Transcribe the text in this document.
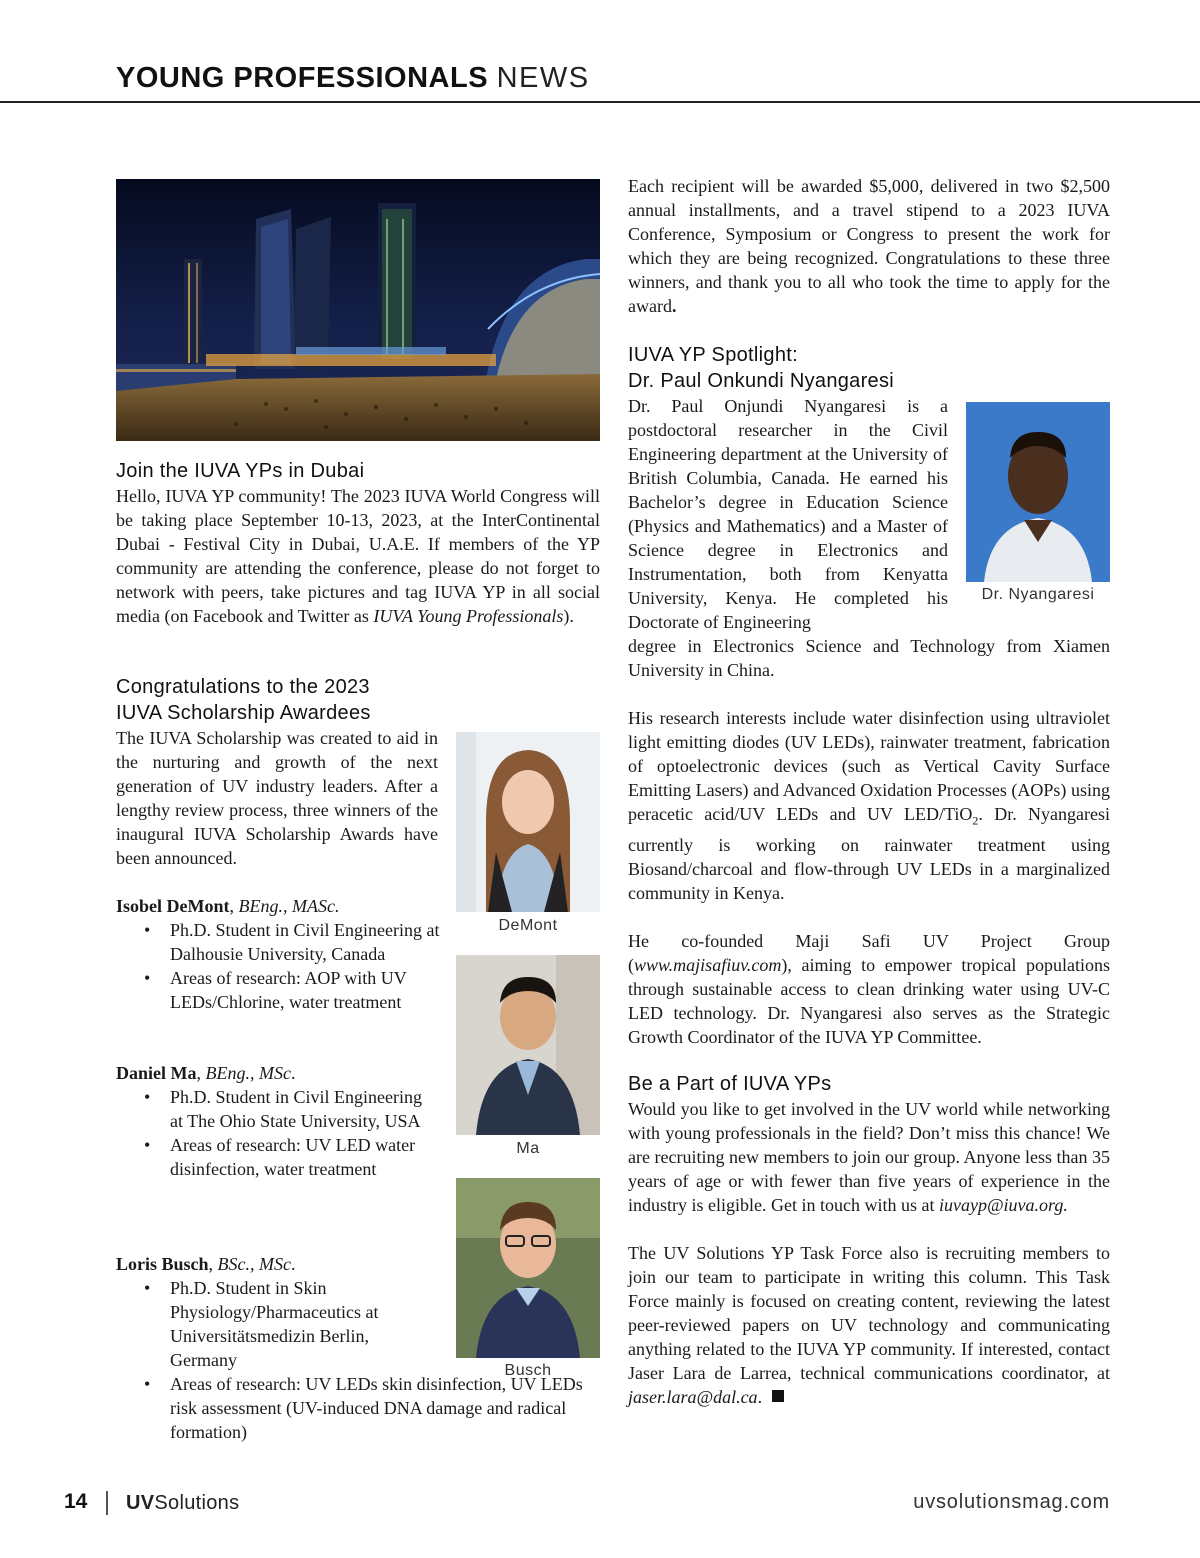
YOUNG PROFESSIONALS NEWS
Join the IUVA YPs in Dubai

Hello, IUVA YP community! The 2023 IUVA World Congress will be taking place September 10-13, 2023, at the InterContinental Dubai - Festival City in Dubai, U.A.E. If members of the YP community are attending the conference, please do not forget to network with peers, take pictures and tag IUVA YP in all social media (on Facebook and Twitter as IUVA Young Professionals).

Congratulations to the 2023
IUVA Scholarship Awardees

The IUVA Scholarship was created to aid in the nurturing and growth of the next generation of UV industry leaders. After a lengthy review process, three winners of the inaugural IUVA Scholarship Awards have been announced.

DeMont
Ma
Busch

Isobel DeMont, BEng., MASc.

• Ph.D. Student in Civil Engineering at Dalhousie University, Canada
• Areas of research: AOP with UV LEDs/Chlorine, water treatment

Daniel Ma, BEng., MSc.

• Ph.D. Student in Civil Engineering at The Ohio State University, USA
• Areas of research: UV LED water disinfection, water treatment

Loris Busch, BSc., MSc.

• Ph.D. Student in Skin Physiology/Pharmaceutics at Universitätsmedizin Berlin, Germany
• Areas of research: UV LEDs skin disinfection, UV LEDs risk assessment (UV-induced DNA damage and radical formation)

Each recipient will be awarded $5,000, delivered in two $2,500 annual installments, and a travel stipend to a 2023 IUVA Conference, Symposium or Congress to present the work for which they are being recognized. Congratulations to these three winners, and thank you to all who took the time to apply for the award.

IUVA YP Spotlight:
Dr. Paul Onkundi Nyangaresi

Dr. Paul Onjundi Nyangaresi is a postdoctoral researcher in the Civil Engineering department at the University of British Columbia, Canada. He earned his Bachelor’s degree in Education Science (Physics and Mathematics) and a Master of Science degree in Electronics and Instrumentation, both from Kenyatta University, Kenya. He completed his Doctorate of Engineering

degree in Electronics Science and Technology from Xiamen University in China.

His research interests include water disinfection using ultraviolet light emitting diodes (UV LEDs), rainwater treatment, fabrication of optoelectronic devices (such as Vertical Cavity Surface Emitting Lasers) and Advanced Oxidation Processes (AOPs) using peracetic acid/UV LEDs and UV LED/TiO$_2$. Dr. Nyangaresi currently is working on rainwater treatment using Biosand/charcoal and flow-through UV LEDs in a marginalized community in Kenya.

He co-founded Maji Safi UV Project Group (www.majisafiuv.com), aiming to empower tropical populations through sustainable access to clean drinking water using UV-C LED technology. Dr. Nyangaresi also serves as the Strategic Growth Coordinator of the IUVA YP Committee.

Be a Part of IUVA YPs

Would you like to get involved in the UV world while networking with young professionals in the field? Don’t miss this chance! We are recruiting new members to join our group. Anyone less than 35 years of age or with fewer than five years of experience in the industry is eligible. Get in touch with us at iuvayp@iuva.org.

The UV Solutions YP Task Force also is recruiting members to join our team to participate in writing this column. This Task Force mainly is focused on creating content, reviewing the latest peer-reviewed papers on UV technology and communicating anything related to the IUVA YP community. If interested, contact Jaser Lara de Larrea, technical communications coordinator, at jaser.lara@dal.ca.

Dr. Nyangaresi
14 UVSolutions	uvsolutionsmag.com
